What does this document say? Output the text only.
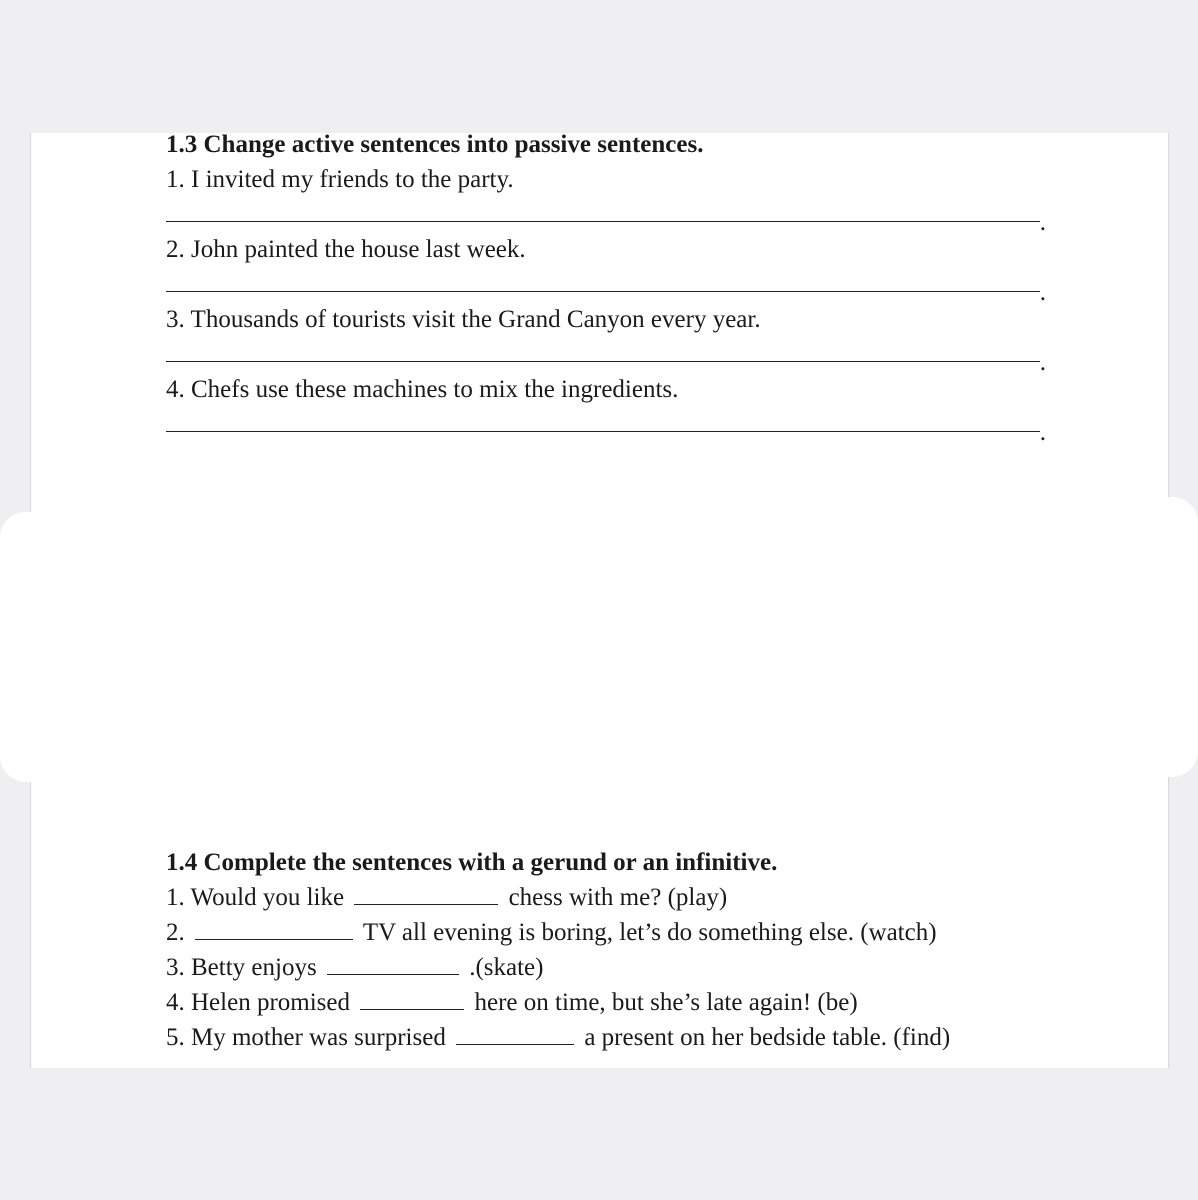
1.3 Change active sentences into passive sentences.
1. I invited my friends to the party.
.
2. John painted the house last week.
.
3. Thousands of tourists visit the Grand Canyon every year.
.
4. Chefs use these machines to mix the ingredients.
.
1.4 Complete the sentences with a gerund or an infinitive.
1. Would you like	chess with me? (play)
2.	TV all evening is boring, let’s do something else. (watch)
3. Betty enjoys	.(skate)
4. Helen promised	here on time, but she’s late again! (be)
5. My mother was surprised	a present on her bedside table. (find)
